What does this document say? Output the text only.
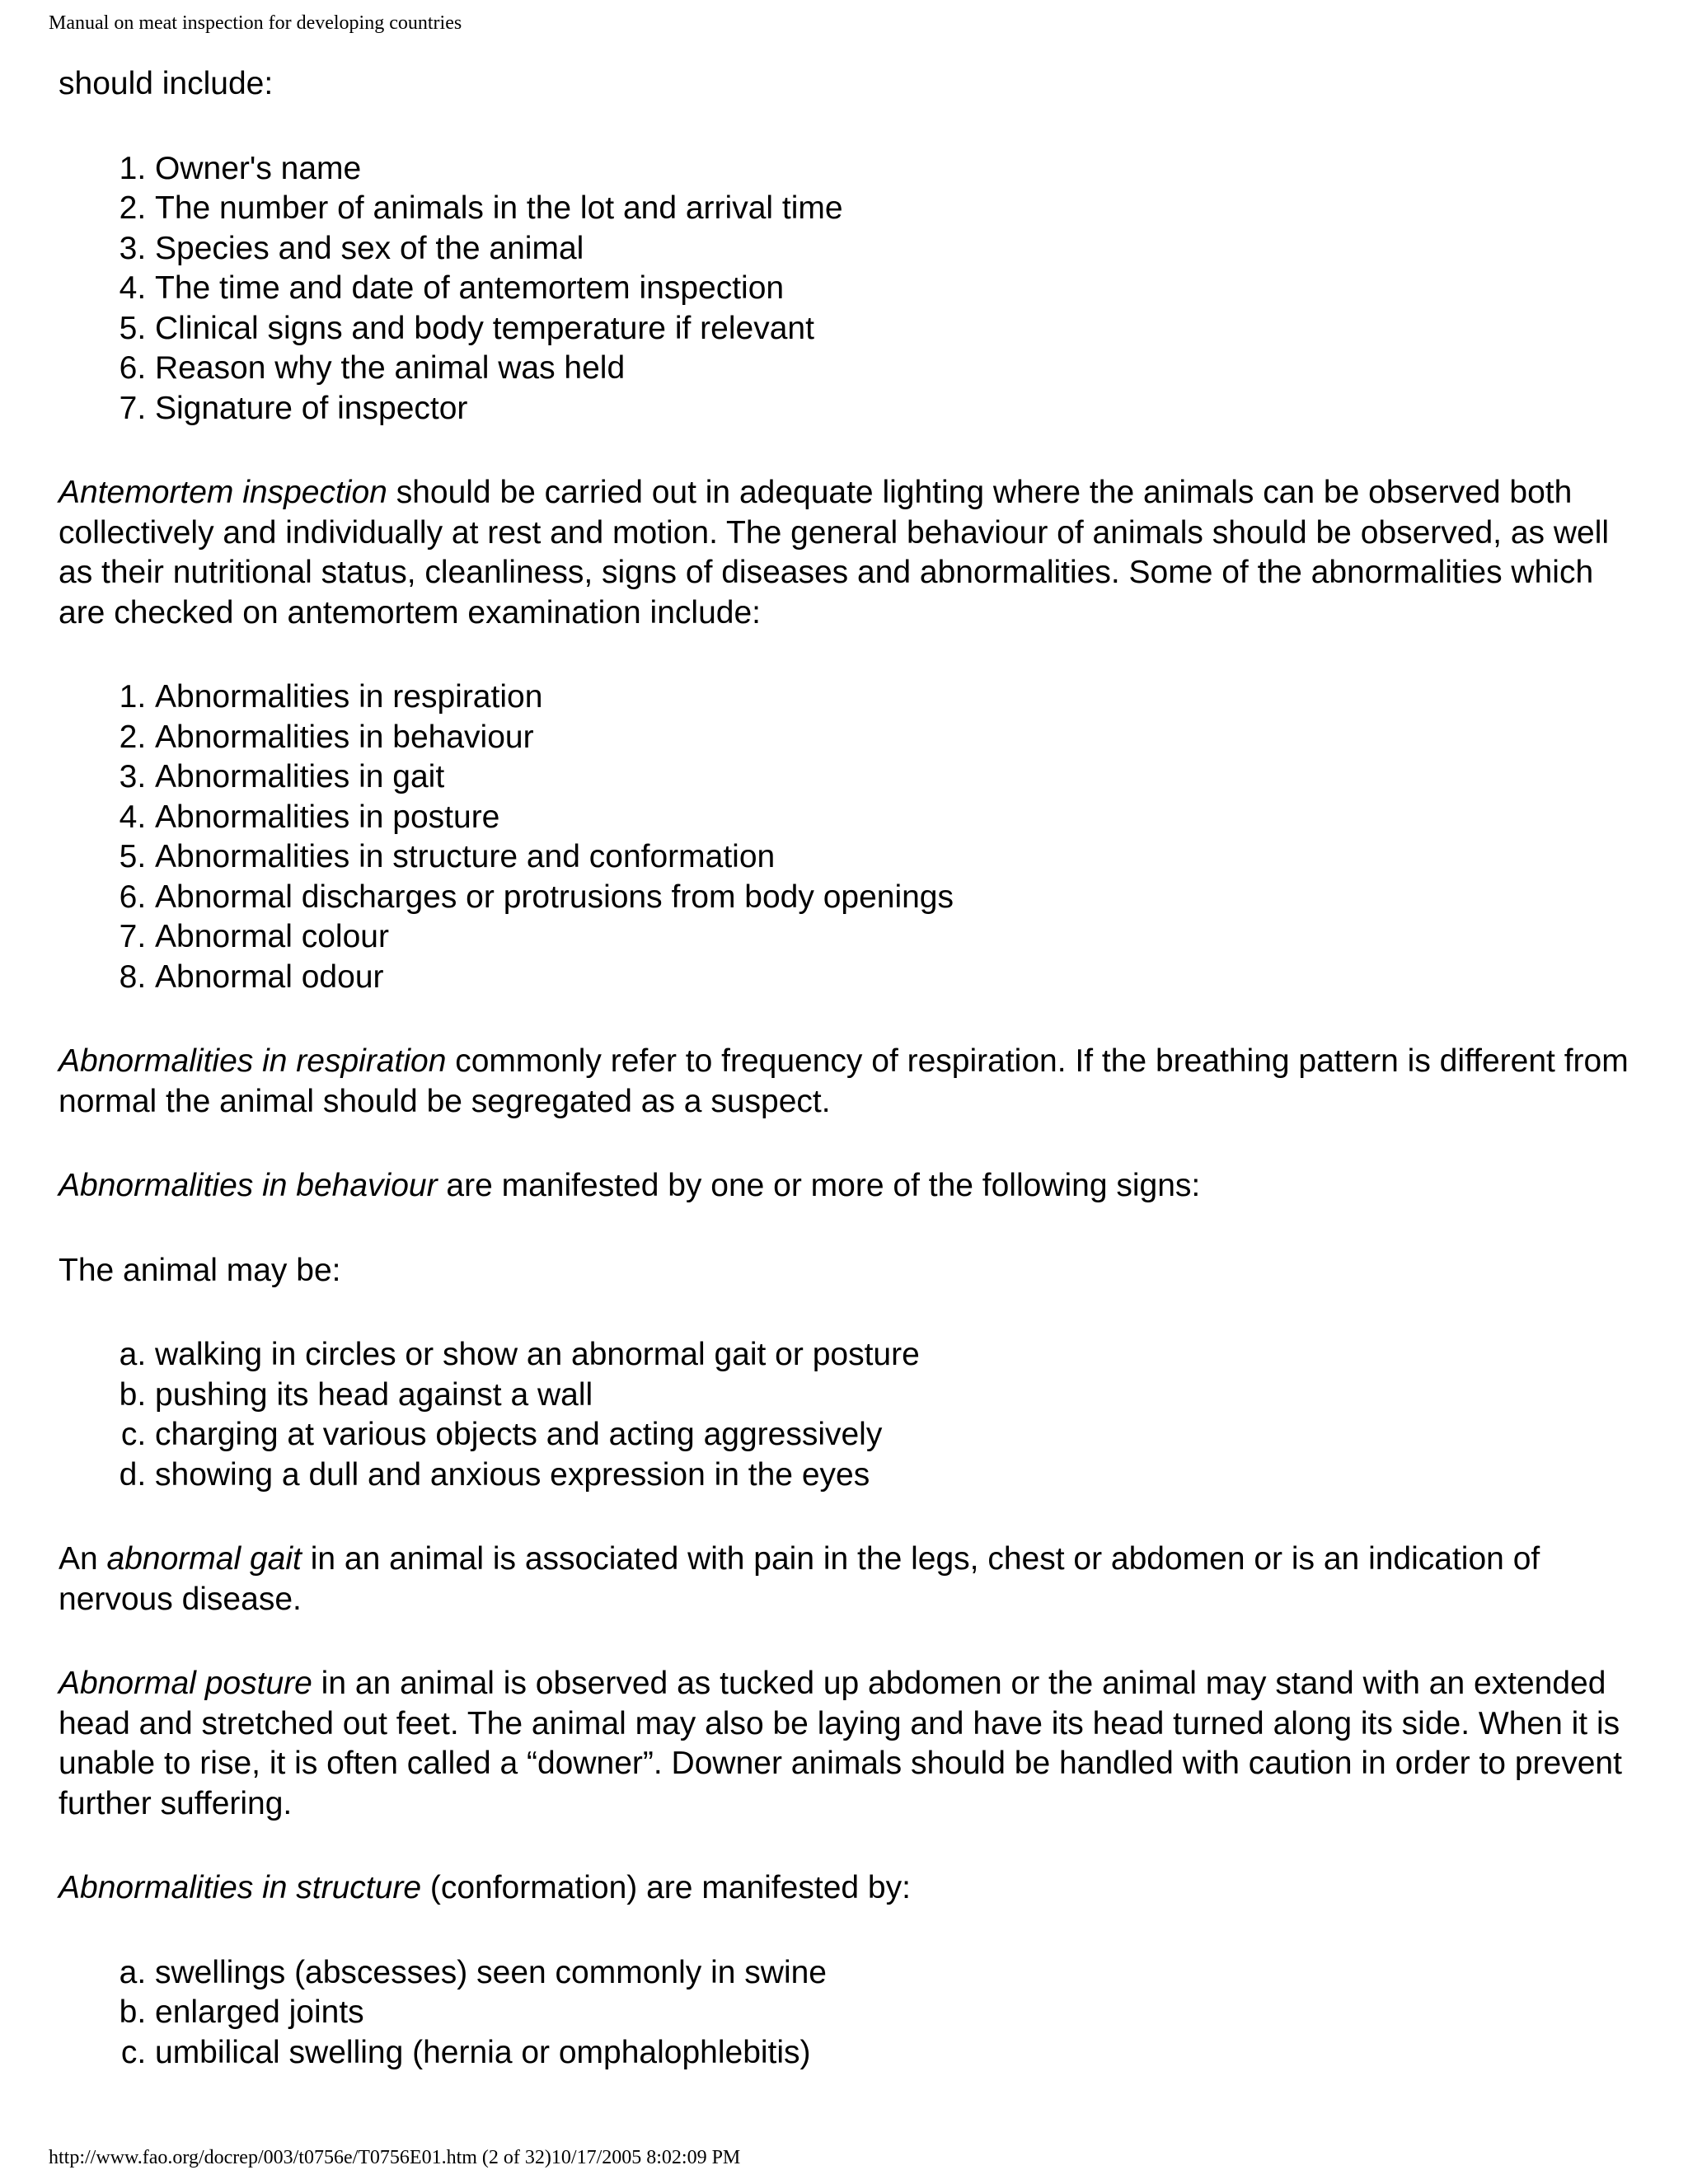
Manual on meat inspection for developing countries

should include:

1. Owner's name
2. The number of animals in the lot and arrival time
3. Species and sex of the animal
4. The time and date of antemortem inspection
5. Clinical signs and body temperature if relevant
6. Reason why the animal was held
7. Signature of inspector

Antemortem inspection should be carried out in adequate lighting where the animals can be observed both collectively and individually at rest and motion. The general behaviour of animals should be observed, as well as their nutritional status, cleanliness, signs of diseases and abnormalities. Some of the abnormalities which are checked on antemortem examination include:

1. Abnormalities in respiration
2. Abnormalities in behaviour
3. Abnormalities in gait
4. Abnormalities in posture
5. Abnormalities in structure and conformation
6. Abnormal discharges or protrusions from body openings
7. Abnormal colour
8. Abnormal odour

Abnormalities in respiration commonly refer to frequency of respiration. If the breathing pattern is different from normal the animal should be segregated as a suspect.

Abnormalities in behaviour are manifested by one or more of the following signs:

The animal may be:

a. walking in circles or show an abnormal gait or posture
b. pushing its head against a wall
c. charging at various objects and acting aggressively
d. showing a dull and anxious expression in the eyes

An abnormal gait in an animal is associated with pain in the legs, chest or abdomen or is an indication of nervous disease.

Abnormal posture in an animal is observed as tucked up abdomen or the animal may stand with an extended head and stretched out feet. The animal may also be laying and have its head turned along its side. When it is unable to rise, it is often called a “downer”. Downer animals should be handled with caution in order to prevent further suffering.

Abnormalities in structure (conformation) are manifested by:

a. swellings (abscesses) seen commonly in swine
b. enlarged joints
c. umbilical swelling (hernia or omphalophlebitis)
http://www.fao.org/docrep/003/t0756e/T0756E01.htm (2 of 32)10/17/2005 8:02:09 PM
